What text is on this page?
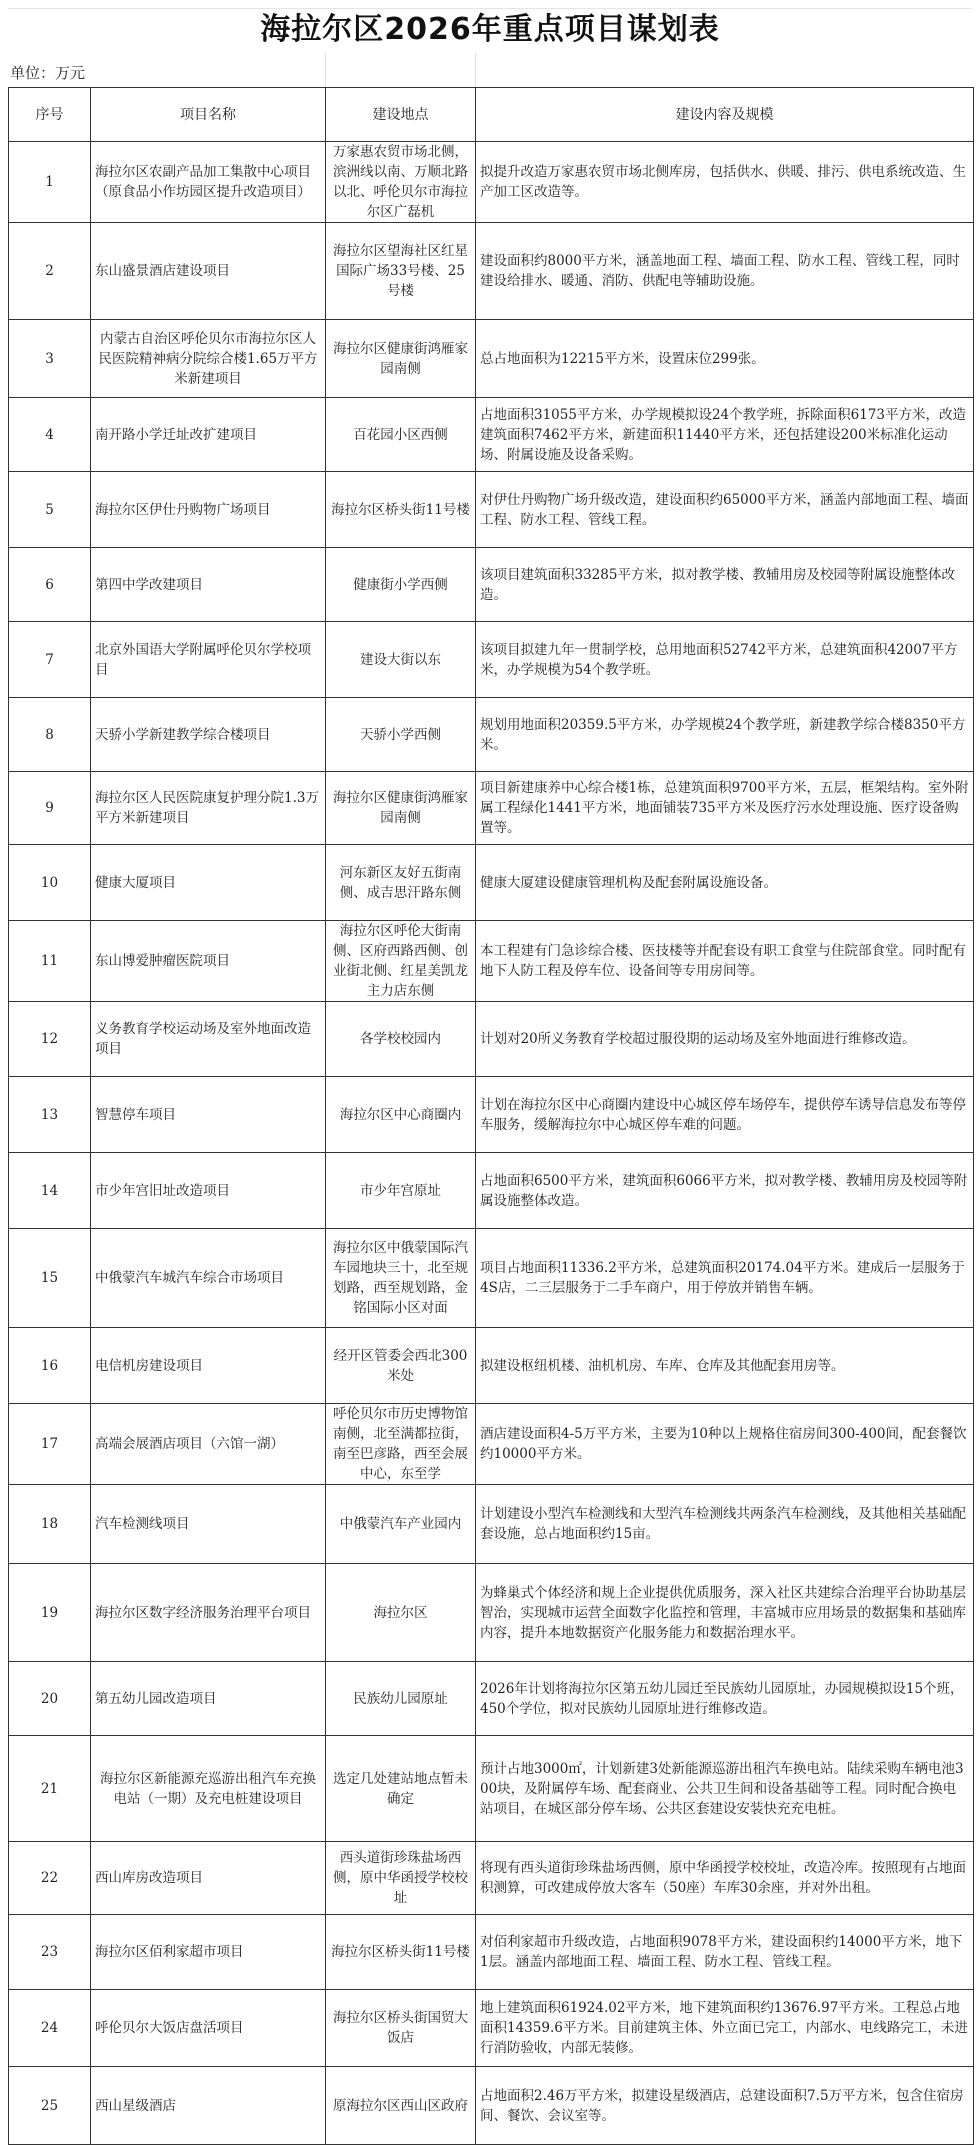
海拉尔区2026年重点项目谋划表
单位：万元
序号	项目名称	建设地点	建设内容及规模
1	海拉尔区农副产品加工集散中心项目（原食品小作坊园区提升改造项目）	万家惠农贸市场北侧，滨洲线以南、万顺北路以北、呼伦贝尔市海拉尔区广磊机	拟提升改造万家惠农贸市场北侧库房，包括供水、供暖、排污、供电系统改造、生产加工区改造等。
2	东山盛景酒店建设项目	海拉尔区望海社区红星国际广场33号楼、25号楼	建设面积约8000平方米，涵盖地面工程、墙面工程、防水工程、管线工程，同时建设给排水、暖通、消防、供配电等辅助设施。
3	内蒙古自治区呼伦贝尔市海拉尔区人民医院精神病分院综合楼1.65万平方米新建项目	海拉尔区健康街鸿雁家园南侧	总占地面积为12215平方米，设置床位299张。
4	南开路小学迁址改扩建项目	百花园小区西侧	占地面积31055平方米，办学规模拟设24个教学班，拆除面积6173平方米，改造建筑面积7462平方米，新建面积11440平方米，还包括建设200米标准化运动场、附属设施及设备采购。
5	海拉尔区伊仕丹购物广场项目	海拉尔区桥头街11号楼	对伊仕丹购物广场升级改造，建设面积约65000平方米，涵盖内部地面工程、墙面工程、防水工程、管线工程。
6	第四中学改建项目	健康街小学西侧	该项目建筑面积33285平方米，拟对教学楼、教辅用房及校园等附属设施整体改造。
7	北京外国语大学附属呼伦贝尔学校项目	建设大街以东	该项目拟建九年一贯制学校，总用地面积52742平方米，总建筑面积42007平方米，办学规模为54个教学班。
8	天骄小学新建教学综合楼项目	天骄小学西侧	规划用地面积20359.5平方米，办学规模24个教学班，新建教学综合楼8350平方米。
9	海拉尔区人民医院康复护理分院1.3万平方米新建项目	海拉尔区健康街鸿雁家园南侧	项目新建康养中心综合楼1栋，总建筑面积9700平方米，五层，框架结构。室外附属工程绿化1441平方米，地面铺装735平方米及医疗污水处理设施、医疗设备购置等。
10	健康大厦项目	河东新区友好五街南侧、成吉思汗路东侧	健康大厦建设健康管理机构及配套附属设施设备。
11	东山博爱肿瘤医院项目	海拉尔区呼伦大街南侧、区府西路西侧、创业街北侧、红星美凯龙主力店东侧	本工程建有门急诊综合楼、医技楼等并配套设有职工食堂与住院部食堂。同时配有地下人防工程及停车位、设备间等专用房间等。
12	义务教育学校运动场及室外地面改造项目	各学校校园内	计划对20所义务教育学校超过服役期的运动场及室外地面进行维修改造。
13	智慧停车项目	海拉尔区中心商圈内	计划在海拉尔区中心商圈内建设中心城区停车场停车，提供停车诱导信息发布等停车服务，缓解海拉尔中心城区停车难的问题。
14	市少年宫旧址改造项目	市少年宫原址	占地面积6500平方米，建筑面积6066平方米，拟对教学楼、教辅用房及校园等附属设施整体改造。
15	中俄蒙汽车城汽车综合市场项目	海拉尔区中俄蒙国际汽车园地块三十，北至规划路，西至规划路，金铭国际小区对面	项目占地面积11336.2平方米，总建筑面积20174.04平方米。建成后一层服务于4S店，二三层服务于二手车商户，用于停放并销售车辆。
16	电信机房建设项目	经开区管委会西北300米处	拟建设枢纽机楼、油机机房、车库、仓库及其他配套用房等。
17	高端会展酒店项目（六馆一湖）	呼伦贝尔市历史博物馆南侧，北至满都拉街，南至巴彦路，西至会展中心，东至学	酒店建设面积4-5万平方米，主要为10种以上规格住宿房间300-400间，配套餐饮约10000平方米。
18	汽车检测线项目	中俄蒙汽车产业园内	计划建设小型汽车检测线和大型汽车检测线共两条汽车检测线，及其他相关基础配套设施，总占地面积约15亩。
19	海拉尔区数字经济服务治理平台项目	海拉尔区	为蜂巢式个体经济和规上企业提供优质服务，深入社区共建综合治理平台协助基层智治，实现城市运营全面数字化监控和管理，丰富城市应用场景的数据集和基础库内容，提升本地数据资产化服务能力和数据治理水平。
20	第五幼儿园改造项目	民族幼儿园原址	2026年计划将海拉尔区第五幼儿园迁至民族幼儿园原址，办园规模拟设15个班，450个学位，拟对民族幼儿园原址进行维修改造。
21	海拉尔区新能源充巡游出租汽车充换电站（一期）及充电桩建设项目	选定几处建站地点暂未确定	预计占地3000㎡，计划新建3处新能源巡游出租汽车换电站。陆续采购车辆电池300块，及附属停车场、配套商业、公共卫生间和设备基础等工程。同时配合换电站项目，在城区部分停车场、公共区套建设安装快充充电桩。
22	西山库房改造项目	西头道街珍珠盐场西侧，原中华函授学校校址	将现有西头道街珍珠盐场西侧，原中华函授学校校址，改造冷库。按照现有占地面积测算，可改建成停放大客车（50座）车库30余座，并对外出租。
23	海拉尔区佰利家超市项目	海拉尔区桥头街11号楼	对佰利家超市升级改造，占地面积9078平方米，建设面积约14000平方米，地下1层。涵盖内部地面工程、墙面工程、防水工程、管线工程。
24	呼伦贝尔大饭店盘活项目	海拉尔区桥头街国贸大饭店	地上建筑面积61924.02平方米，地下建筑面积约13676.97平方米。工程总占地面积14359.6平方米。目前建筑主体、外立面已完工，内部水、电线路完工，未进行消防验收，内部无装修。
25	西山星级酒店	原海拉尔区西山区政府	占地面积2.46万平方米，拟建设星级酒店，总建设面积7.5万平方米，包含住宿房间、餐饮、会议室等。
